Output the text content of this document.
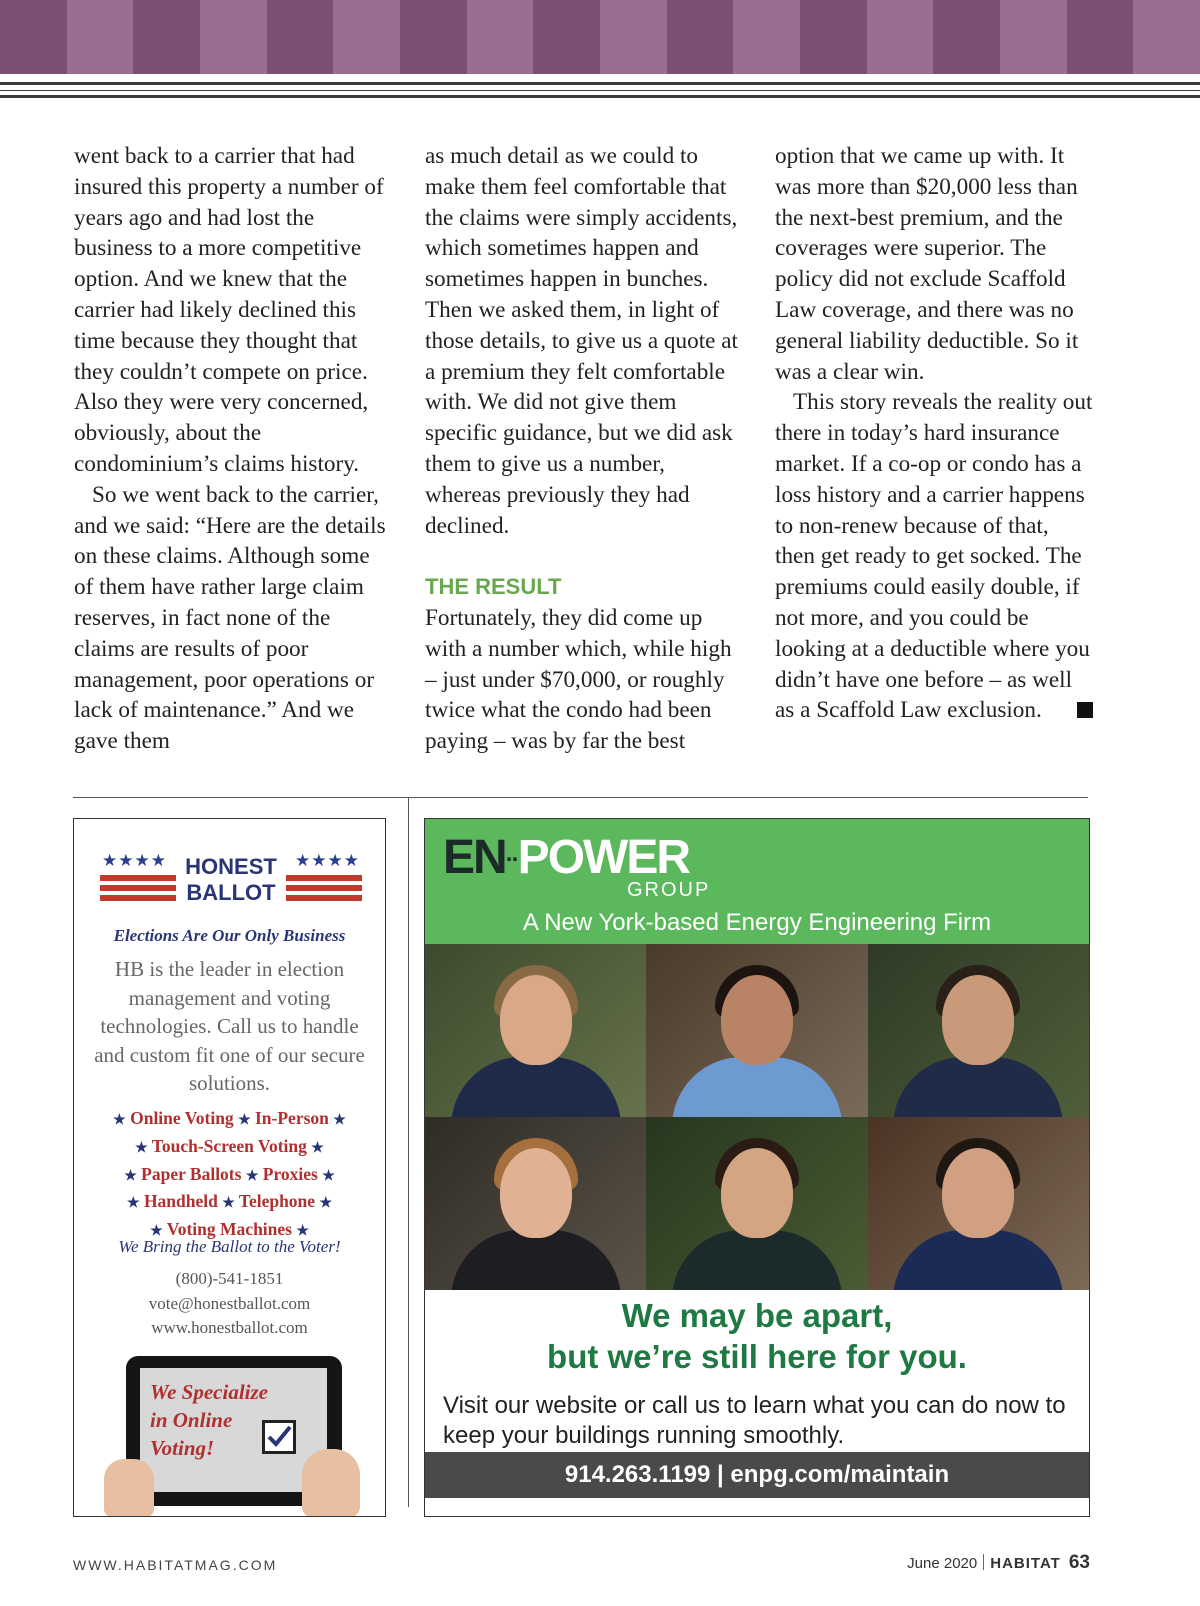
went back to a carrier that had insured this property a number of years ago and had lost the business to a more competitive option. And we knew that the carrier had likely declined this time because they thought that they couldn’t compete on price. Also they were very concerned, obviously, about the condominium’s claims history.

So we went back to the carrier, and we said: “Here are the details on these claims. Although some of them have rather large claim reserves, in fact none of the claims are results of poor management, poor operations or lack of maintenance.” And we gave them

as much detail as we could to make them feel comfortable that the claims were simply accidents, which sometimes happen and sometimes happen in bunches. Then we asked them, in light of those details, to give us a quote at a premium they felt comfortable with. We did not give them specific guidance, but we did ask them to give us a number, whereas previously they had declined.

THE RESULT

Fortunately, they did come up with a number which, while high – just under $70,000, or roughly twice what the condo had been paying – was by far the best

option that we came up with. It was more than $20,000 less than the next-best premium, and the coverages were superior. The policy did not exclude Scaffold Law coverage, and there was no general liability deductible. So it was a clear win.

This story reveals the reality out there in today’s hard insurance market. If a co-op or condo has a loss history and a carrier happens to non-renew because of that, then get ready to get socked. The premiums could easily double, if not more, and you could be looking at a deductible where you didn’t have one before – as well as a Scaffold Law exclusion.

★★★★	★★★★
HONEST
BALLOT
Elections Are Our Only Business
HB is the leader in election management and voting technologies. Call us to handle and custom fit one of our secure solutions.
★ Online Voting ★ In-Person ★
★ Touch-Screen Voting ★
★ Paper Ballots ★ Proxies ★
★ Handheld ★ Telephone ★
★ Voting Machines ★
We Bring the Ballot to the Voter!
(800)-541-1851
vote@honestballot.com
www.honestballot.com
We Specialize
in Online
Voting!
EN··POWER
GROUP
A New York-based Energy Engineering Firm
We may be apart,
but we’re still here for you.
Visit our website or call us to learn what you can do now to keep your buildings running smoothly.
914.263.1199 | enpg.com/maintain
WWW.HABITATMAG.COM	June 2020 HABITAT 63
